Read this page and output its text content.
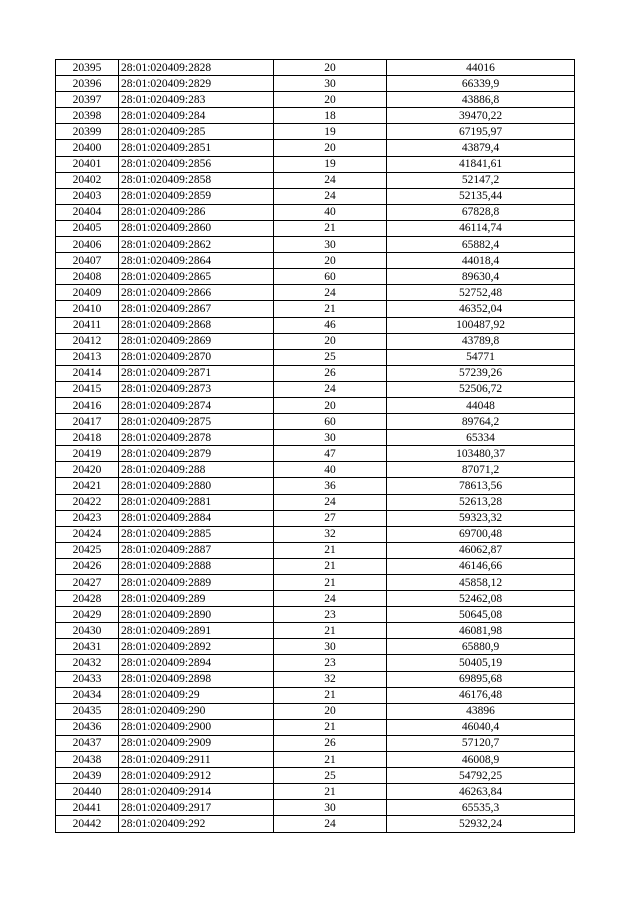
20395	28:01:020409:2828	20	44016
20396	28:01:020409:2829	30	66339,9
20397	28:01:020409:283	20	43886,8
20398	28:01:020409:284	18	39470,22
20399	28:01:020409:285	19	67195,97
20400	28:01:020409:2851	20	43879,4
20401	28:01:020409:2856	19	41841,61
20402	28:01:020409:2858	24	52147,2
20403	28:01:020409:2859	24	52135,44
20404	28:01:020409:286	40	67828,8
20405	28:01:020409:2860	21	46114,74
20406	28:01:020409:2862	30	65882,4
20407	28:01:020409:2864	20	44018,4
20408	28:01:020409:2865	60	89630,4
20409	28:01:020409:2866	24	52752,48
20410	28:01:020409:2867	21	46352,04
20411	28:01:020409:2868	46	100487,92
20412	28:01:020409:2869	20	43789,8
20413	28:01:020409:2870	25	54771
20414	28:01:020409:2871	26	57239,26
20415	28:01:020409:2873	24	52506,72
20416	28:01:020409:2874	20	44048
20417	28:01:020409:2875	60	89764,2
20418	28:01:020409:2878	30	65334
20419	28:01:020409:2879	47	103480,37
20420	28:01:020409:288	40	87071,2
20421	28:01:020409:2880	36	78613,56
20422	28:01:020409:2881	24	52613,28
20423	28:01:020409:2884	27	59323,32
20424	28:01:020409:2885	32	69700,48
20425	28:01:020409:2887	21	46062,87
20426	28:01:020409:2888	21	46146,66
20427	28:01:020409:2889	21	45858,12
20428	28:01:020409:289	24	52462,08
20429	28:01:020409:2890	23	50645,08
20430	28:01:020409:2891	21	46081,98
20431	28:01:020409:2892	30	65880,9
20432	28:01:020409:2894	23	50405,19
20433	28:01:020409:2898	32	69895,68
20434	28:01:020409:29	21	46176,48
20435	28:01:020409:290	20	43896
20436	28:01:020409:2900	21	46040,4
20437	28:01:020409:2909	26	57120,7
20438	28:01:020409:2911	21	46008,9
20439	28:01:020409:2912	25	54792,25
20440	28:01:020409:2914	21	46263,84
20441	28:01:020409:2917	30	65535,3
20442	28:01:020409:292	24	52932,24
